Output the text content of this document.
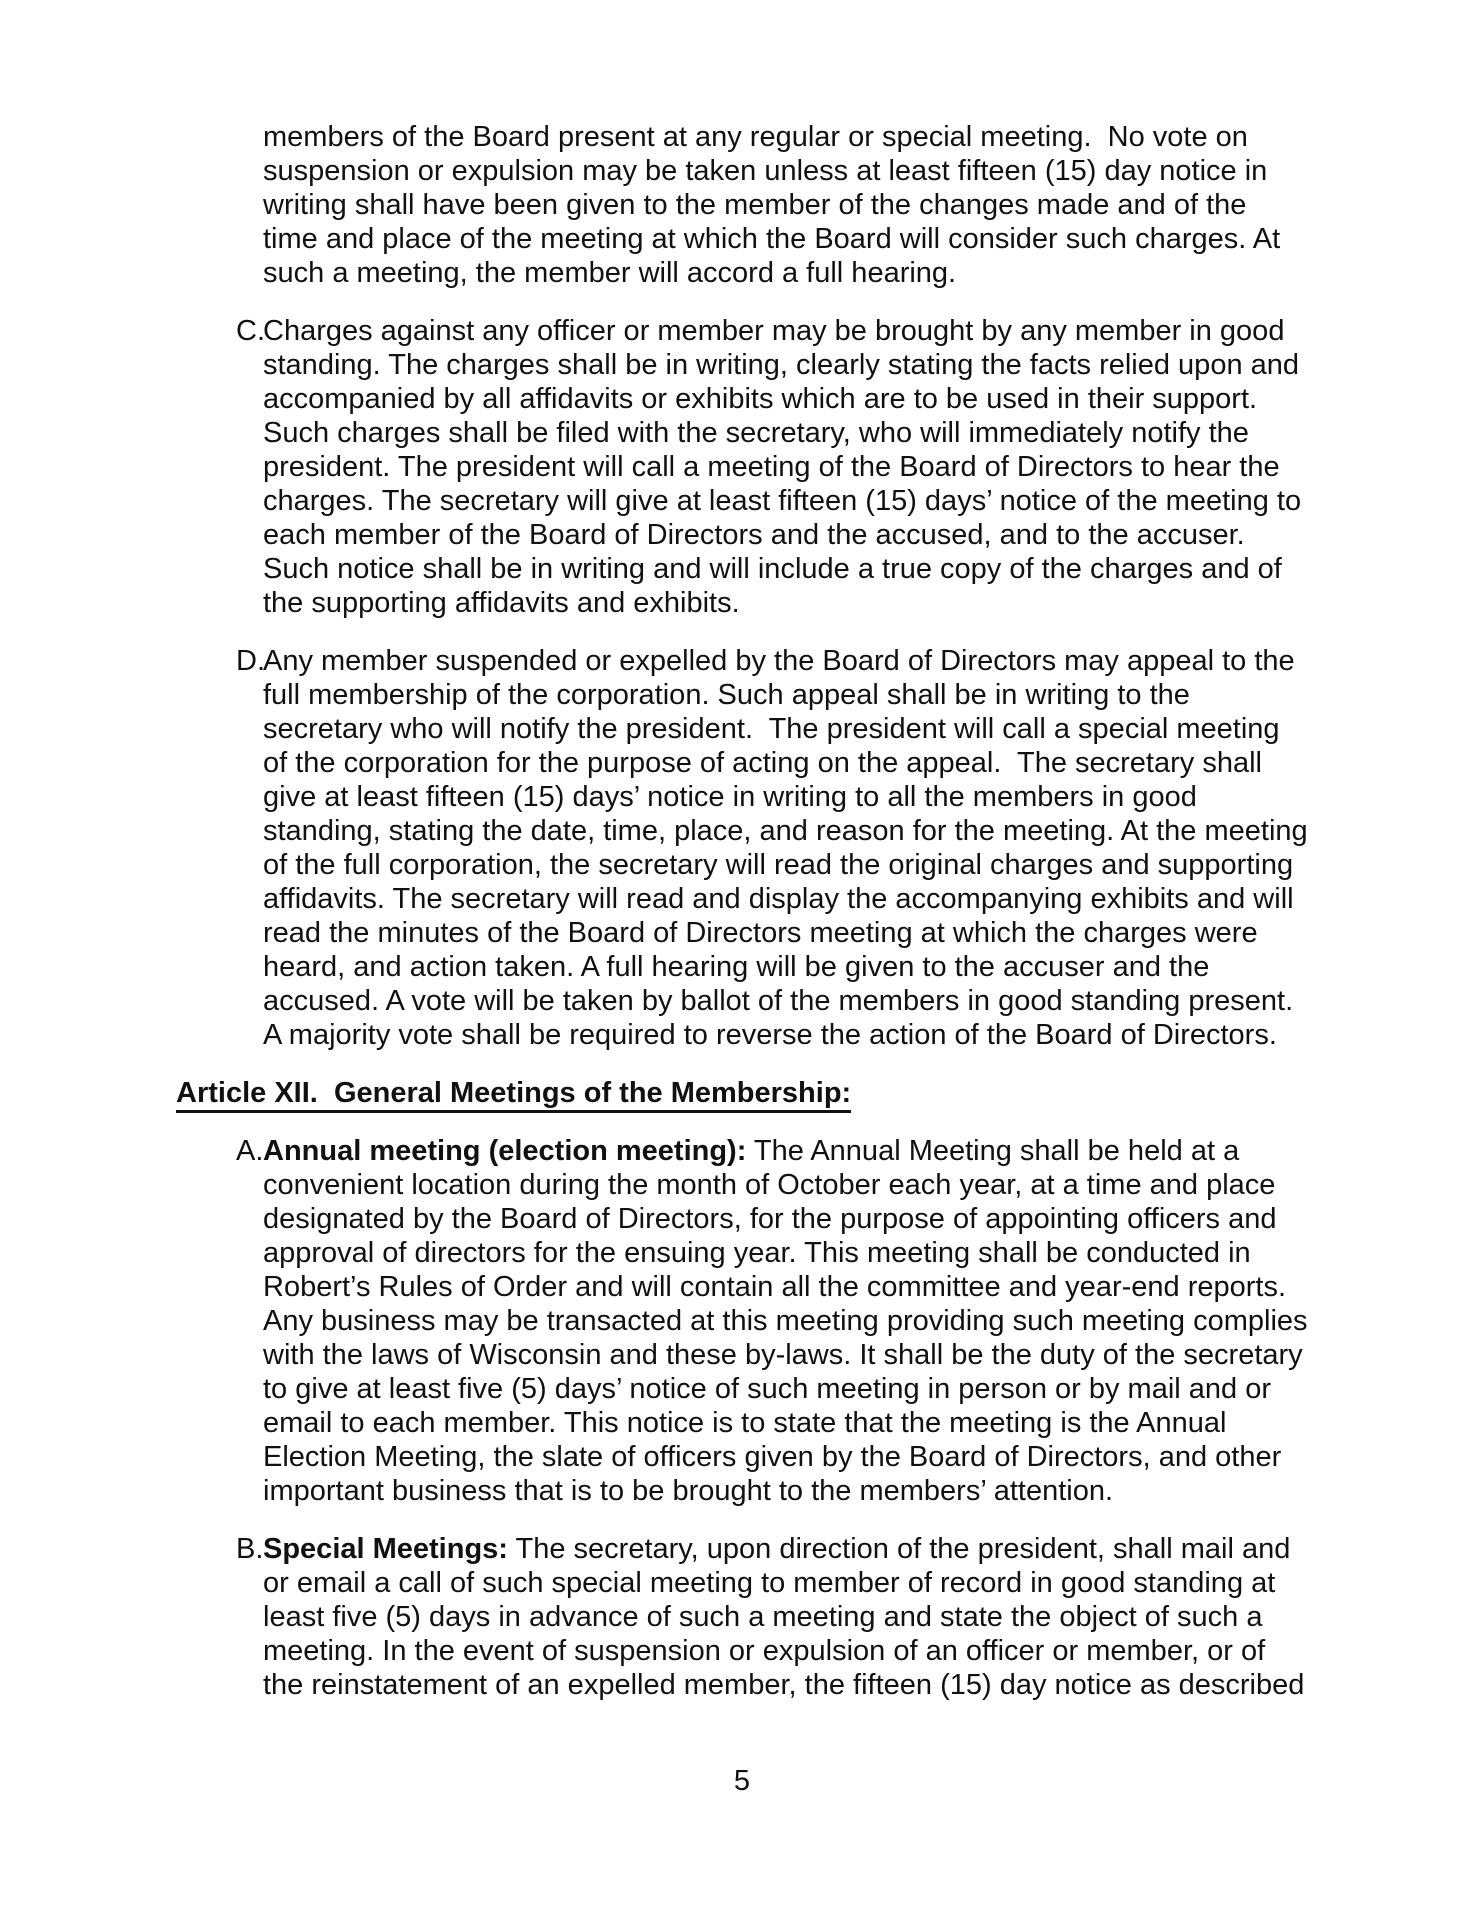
members of the Board present at any regular or special meeting.  No vote on suspension or expulsion may be taken unless at least fifteen (15) day notice in writing shall have been given to the member of the changes made and of the time and place of the meeting at which the Board will consider such charges. At such a meeting, the member will accord a full hearing.

C.
Charges against any officer or member may be brought by any member in good standing. The charges shall be in writing, clearly stating the facts relied upon and accompanied by all affidavits or exhibits which are to be used in their support. Such charges shall be filed with the secretary, who will immediately notify the president. The president will call a meeting of the Board of Directors to hear the charges. The secretary will give at least fifteen (15) days’ notice of the meeting to each member of the Board of Directors and the accused, and to the accuser. Such notice shall be in writing and will include a true copy of the charges and of the supporting affidavits and exhibits.
D.
Any member suspended or expelled by the Board of Directors may appeal to the full membership of the corporation. Such appeal shall be in writing to the secretary who will notify the president.  The president will call a special meeting of the corporation for the purpose of acting on the appeal.  The secretary shall give at least fifteen (15) days’ notice in writing to all the members in good standing, stating the date, time, place, and reason for the meeting. At the meeting of the full corporation, the secretary will read the original charges and supporting affidavits. The secretary will read and display the accompanying exhibits and will read the minutes of the Board of Directors meeting at which the charges were heard, and action taken. A full hearing will be given to the accuser and the accused. A vote will be taken by ballot of the members in good standing present. A majority vote shall be required to reverse the action of the Board of Directors.
Article XII.  General Meetings of the Membership:
A. Annual meeting (election meeting): The Annual Meeting shall be held at a convenient location during the month of October each year, at a time and place designated by the Board of Directors, for the purpose of appointing officers and approval of directors for the ensuing year. This meeting shall be conducted in Robert’s Rules of Order and will contain all the committee and year-end reports. Any business may be transacted at this meeting providing such meeting complies with the laws of Wisconsin and these by-laws. It shall be the duty of the secretary to give at least five (5) days’ notice of such meeting in person or by mail and or email to each member. This notice is to state that the meeting is the Annual Election Meeting, the slate of officers given by the Board of Directors, and other important business that is to be brought to the members’ attention.
B. Special Meetings: The secretary, upon direction of the president, shall mail and or email a call of such special meeting to member of record in good standing at least five (5) days in advance of such a meeting and state the object of such a meeting. In the event of suspension or expulsion of an officer or member, or of the reinstatement of an expelled member, the fifteen (15) day notice as described
5
